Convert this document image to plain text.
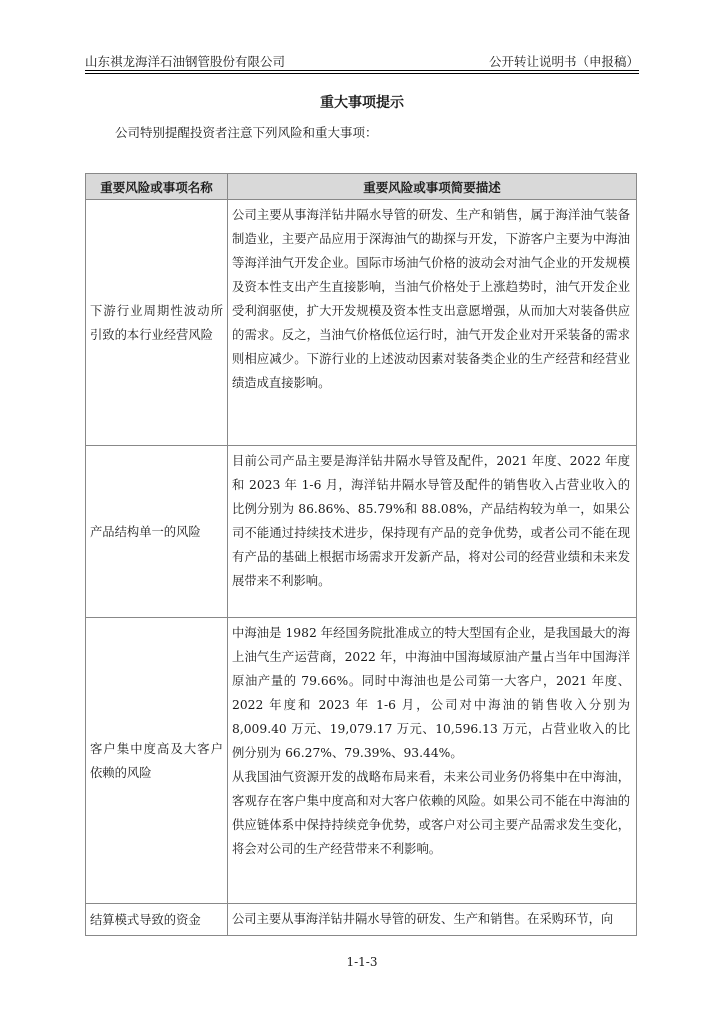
山东祺龙海洋石油钢管股份有限公司	公开转让说明书（申报稿）
重大事项提示
公司特别提醒投资者注意下列风险和重大事项：
重要风险或事项名称	重要风险或事项简要描述
下游行业周期性波动所引致的本行业经营风险	公司主要从事海洋钻井隔水导管的研发、生产和销售，属于海洋油气装备制造业，主要产品应用于深海油气的勘探与开发，下游客户主要为中海油等海洋油气开发企业。国际市场油气价格的波动会对油气企业的开发规模及资本性支出产生直接影响，当油气价格处于上涨趋势时，油气开发企业受利润驱使，扩大开发规模及资本性支出意愿增强，从而加大对装备供应的需求。反之，当油气价格低位运行时，油气开发企业对开采装备的需求则相应减少。下游行业的上述波动因素对装备类企业的生产经营和经营业绩造成直接影响。

产品结构单一的风险	目前公司产品主要是海洋钻井隔水导管及配件，2021 年度、2022 年度和 2023 年 1-6 月，海洋钻井隔水导管及配件的销售收入占营业收入的比例分别为 86.86%、85.79%和 88.08%，产品结构较为单一，如果公司不能通过持续技术进步，保持现有产品的竞争优势，或者公司不能在现有产品的基础上根据市场需求开发新产品，将对公司的经营业绩和未来发展带来不利影响。

客户集中度高及大客户依赖的风险	中海油是 1982 年经国务院批准成立的特大型国有企业，是我国最大的海上油气生产运营商，2022 年，中海油中国海域原油产量占当年中国海洋原油产量的 79.66%。同时中海油也是公司第一大客户，2021 年度、2022 年度和 2023 年 1-6 月，公司对中海油的销售收入分别为 8,009.40 万元、19,079.17 万元、10,596.13 万元，占营业收入的比例分别为 66.27%、79.39%、93.44%。

从我国油气资源开发的战略布局来看，未来公司业务仍将集中在中海油，客观存在客户集中度高和对大客户依赖的风险。如果公司不能在中海油的供应链体系中保持持续竞争优势，或客户对公司主要产品需求发生变化，将会对公司的生产经营带来不利影响。

结算模式导致的资金	公司主要从事海洋钻井隔水导管的研发、生产和销售。在采购环节，向

1-1-3
